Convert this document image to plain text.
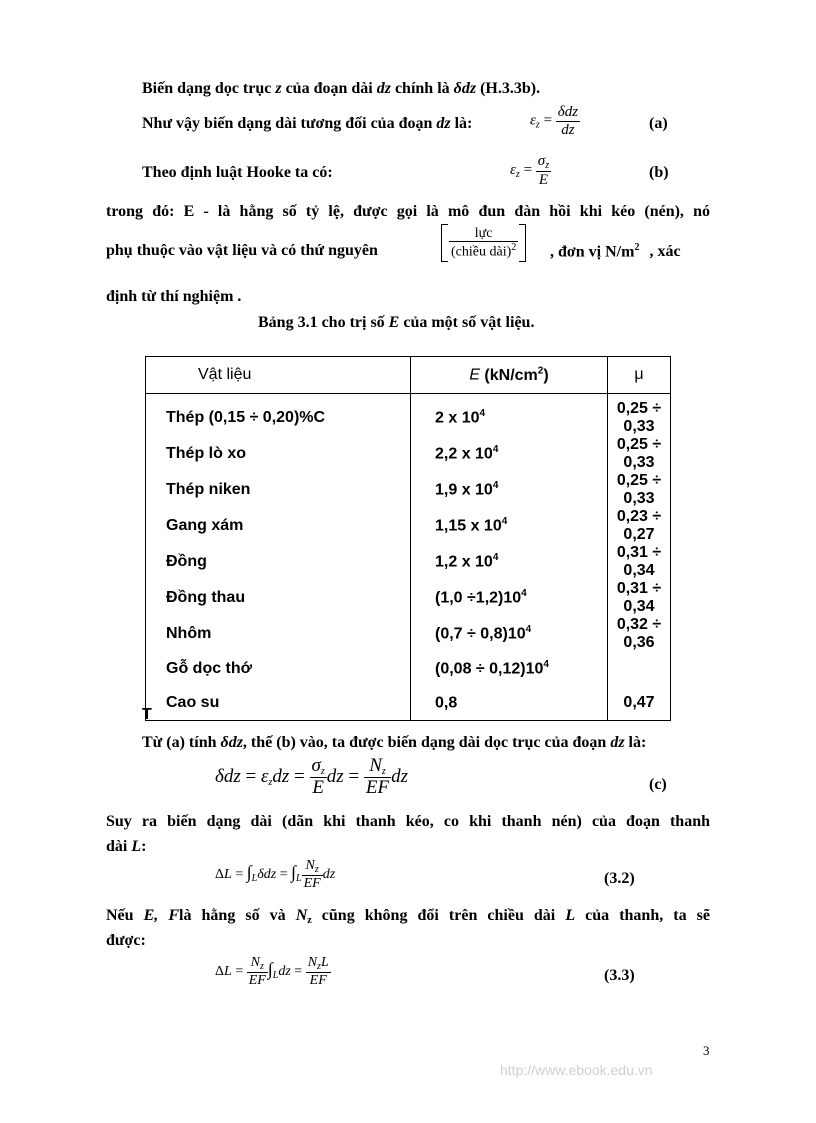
Biến dạng dọc trục z của đoạn dài dz chính là δdz (H.3.3b).
Như vậy biến dạng dài tương đối của đoạn dz là:	$\varepsilon_z = \frac{\text{δdz}}{dz}$	(a)
Theo định luật Hooke ta có:	$\varepsilon_z = \frac{\sigma_z}{E}$	(b)
trong đó: E - là hằng số tỷ lệ, được gọi là mô đun đàn hồi khi kéo (nén), nó
phụ thuộc vào vật liệu và có thứ nguyên	$\frac{\text{lực}}{(chiều dài)^2}$ , đơn vị $N/m^2$ , xác
định từ thí nghiệm .
Bảng 3.1 cho trị số E của một số vật liệu.
Vật liệu	E $(kN/cm^2)$	μ
Thép (0,15 ÷ 0,20)%C	2 x $10^4$	0,25 ÷ 0,33
Thép lò xo	2,2 x $10^4$	0,25 ÷ 0,33
Thép niken	1,9 x $10^4$	0,25 ÷ 0,33
Gang xám	1,15 x $10^4$	0,23 ÷ 0,27
Đồng	1,2 x $10^4$	0,31 ÷ 0,34
Đồng thau	$(1,0 \div 1,2)10^4$	0,31 ÷ 0,34
Nhôm	$(0,7 \div 0,8)10^4$	0,32 ÷ 0,36
Gỗ dọc thớ	$(0,08 \div 0,12)10^4$	
Cao su	0,8	0,47
T
Từ (a) tính δdz, thế (b) vào, ta được biến dạng dài dọc trục của đoạn dz là:
$\delta dz = \varepsilon_zdz = \frac{\sigma_z}{E}$ dz = $\frac{N_z}{EF}$ dz	(c)
Suy ra biến dạng dài (dãn khi thanh kéo, co khi thanh nén) của đoạn thanh
dài L:
$\Delta L = \int_L\delta dz = \int_L \frac{N_z}{EF}$ dz	(3.2)
Nếu E, Flà hằng số và $N_z$ cũng không đổi trên chiều dài L của thanh, ta sẽ
được:
$\Delta L = \frac{N_z}{EF} \int_Ldz = \frac{N_zL}{EF}$	(3.3)
3
http://www.ebook.edu.vn
